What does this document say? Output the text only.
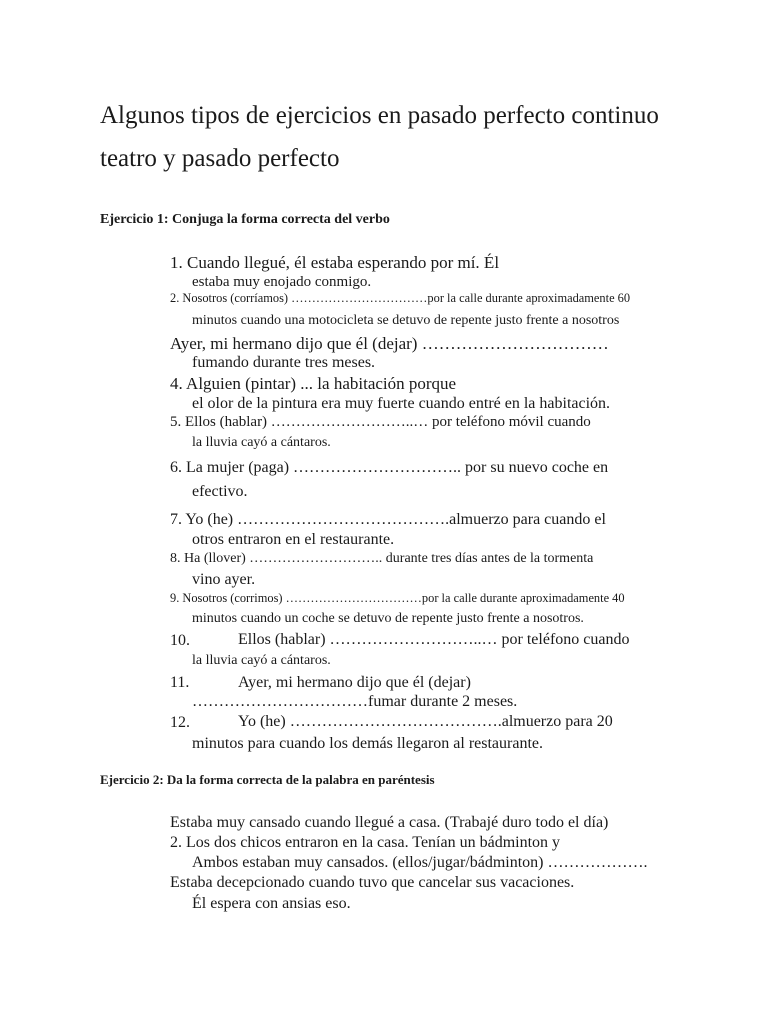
Algunos tipos de ejercicios en pasado perfecto continuo
teatro y pasado perfecto

Ejercicio 1: Conjuga la forma correcta del verbo

1. Cuando llegué, él estaba esperando por mí. Él

estaba muy enojado conmigo.

2. Nosotros (corríamos) ……………………………por la calle durante aproximadamente 60

minutos cuando una motocicleta se detuvo de repente justo frente a nosotros

Ayer, mi hermano dijo que él (dejar) ……………………………

fumando durante tres meses.

4. Alguien (pintar) ... la habitación porque

el olor de la pintura era muy fuerte cuando entré en la habitación.

5. Ellos (hablar) ………………………..… por teléfono móvil cuando

la lluvia cayó a cántaros.

6. La mujer (paga) ………………………….. por su nuevo coche en

efectivo.

7. Yo (he) ………………………………….almuerzo para cuando el

otros entraron en el restaurante.

8. Ha (llover) ……………………….. durante tres días antes de la tormenta

vino ayer.

9. Nosotros (corrimos) ……………………………por la calle durante aproximadamente 40

minutos cuando un coche se detuvo de repente justo frente a nosotros.

10.	Ellos (hablar) ………………………..… por teléfono cuando

la lluvia cayó a cántaros.

11.	Ayer, mi hermano dijo que él (dejar)

……………………………fumar durante 2 meses.

12.	Yo (he) ………………………………….almuerzo para 20

minutos para cuando los demás llegaron al restaurante.

Ejercicio 2: Da la forma correcta de la palabra en paréntesis

Estaba muy cansado cuando llegué a casa. (Trabajé duro todo el día)

2. Los dos chicos entraron en la casa. Tenían un bádminton y

Ambos estaban muy cansados. (ellos/jugar/bádminton) ……………….

Estaba decepcionado cuando tuvo que cancelar sus vacaciones.

Él espera con ansias eso.
